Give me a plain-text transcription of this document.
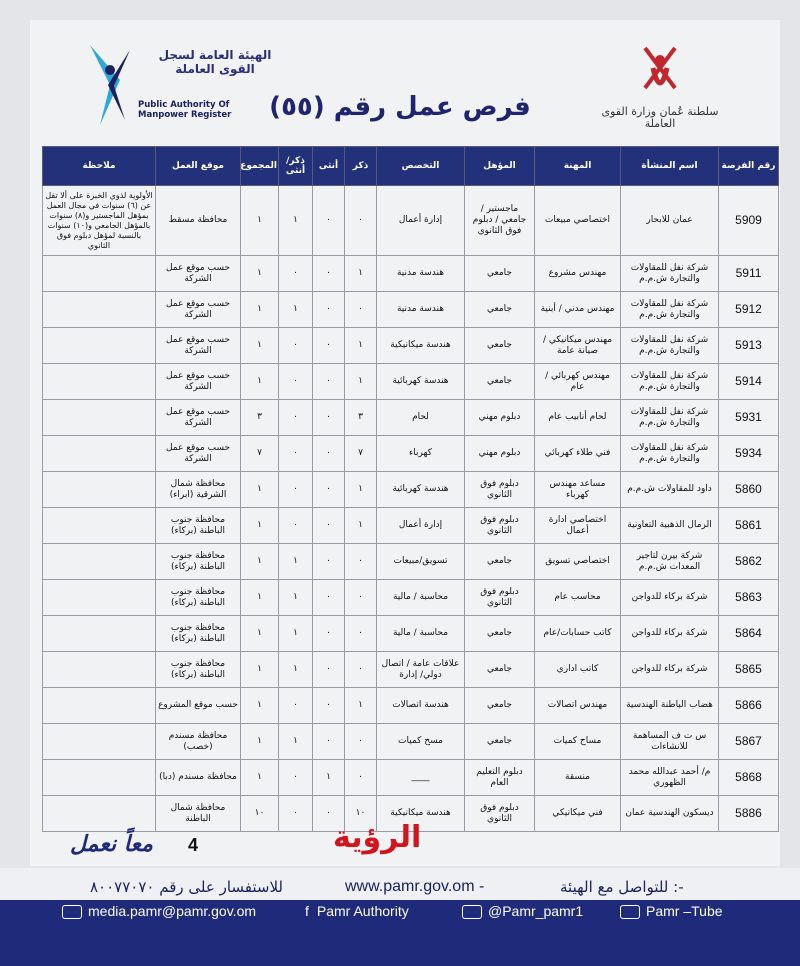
الهيئة العامة لسجل القوى العاملة
Public Authority Of Manpower Register	سلطنة عُمان وزارة القوى العاملة
فرص عمل رقم (٥٥)
رقم الفرصة	اسم المنشأة	المهنة	المؤهل	التخصص	ذكر	أنثى	ذكر/ أنثى	المجموع	موقع العمل	ملاحظة
5909	عمان للابحار	اختصاصي مبيعات	ماجستير / جامعي / دبلوم فوق الثانوي	إدارة أعمال	٠	٠	١	١	محافظة مسقط	الأولوية لذوي الخبرة على ألا تقل عن (٦) سنوات في مجال العمل بمؤهل الماجستير و(٨) سنوات بالمؤهل الجامعي و(١٠) سنوات بالنسبة لمؤهل دبلوم فوق الثانوي
5911	شركة نفل للمقاولات والتجارة ش.م.م	مهندس مشروع	جامعي	هندسة مدنية	١	٠	٠	١	حسب موقع عمل الشركة	
5912	شركة نفل للمقاولات والتجارة ش.م.م	مهندس مدني / أبنية	جامعي	هندسة مدنية	٠	٠	١	١	حسب موقع عمل الشركة	
5913	شركة نفل للمقاولات والتجارة ش.م.م	مهندس ميكانيكي / صيانة عامة	جامعي	هندسة ميكانيكية	١	٠	٠	١	حسب موقع عمل الشركة	
5914	شركة نفل للمقاولات والتجارة ش.م.م	مهندس كهربائي / عام	جامعي	هندسة كهربائية	١	٠	٠	١	حسب موقع عمل الشركة	
5931	شركة نفل للمقاولات والتجارة ش.م.م	لحام أنابيب عام	دبلوم مهني	لحام	٣	٠	٠	٣	حسب موقع عمل الشركة	
5934	شركة نفل للمقاولات والتجارة ش.م.م	فني طلاء كهربائي	دبلوم مهني	كهرباء	٧	٠	٠	٧	حسب موقع عمل الشركة	
5860	داود للمقاولات ش.م.م	مساعد مهندس كهرباء	دبلوم فوق الثانوي	هندسة كهربائية	١	٠	٠	١	محافظة شمال الشرقية (ابراء)	
5861	الرمال الذهبية التعاونية	اختصاصي ادارة أعمال	دبلوم فوق الثانوي	إدارة أعمال	١	٠	٠	١	محافظة جنوب الباطنة (بركاء)	
5862	شركة بيرن لتاجير المعدات ش.م.م	اختصاصي تسويق	جامعي	تسويق/مبيعات	٠	٠	١	١	محافظة جنوب الباطنة (بركاء)	
5863	شركة بركاء للدواجن	محاسب عام	دبلوم فوق الثانوي	محاسبة / مالية	٠	٠	١	١	محافظة جنوب الباطنة (بركاء)	
5864	شركة بركاء للدواجن	كاتب حسابات/عام	جامعي	محاسبة / مالية	٠	٠	١	١	محافظة جنوب الباطنة (بركاء)	
5865	شركة بركاء للدواجن	كاتب اداري	جامعي	علاقات عامة / اتصال دولي/ إدارة	٠	٠	١	١	محافظة جنوب الباطنة (بركاء)	
5866	هضاب الباطنة الهندسية	مهندس اتصالات	جامعي	هندسة اتصالات	١	٠	٠	١	حسب موقع المشروع	
5867	س ت ف المساهمة للانشاءات	مساح كميات	جامعي	مسح كميات	٠	٠	١	١	محافظة مسندم (خصب)	
5868	م/ أحمد عبدالله محمد الظهوري	منسقة	دبلوم التعليم العام	____	٠	١	٠	١	محافظة مسندم (دبا)	
5886	ديسكون الهندسية عمان	فني ميكانيكي	دبلوم فوق الثانوي	هندسة ميكانيكية	١٠	٠	٠	١٠	محافظة شمال الباطنة	
معاً نعمل 4	الرؤية
للاستفسار على رقم ٨٠٠٧٧٠٧٠	www.pamr.gov.om -	للتواصل مع الهيئة :-
media.pamr@pamr.gov.om	f Pamr Authority	@Pamr_pamr1	Pamr –Tube
